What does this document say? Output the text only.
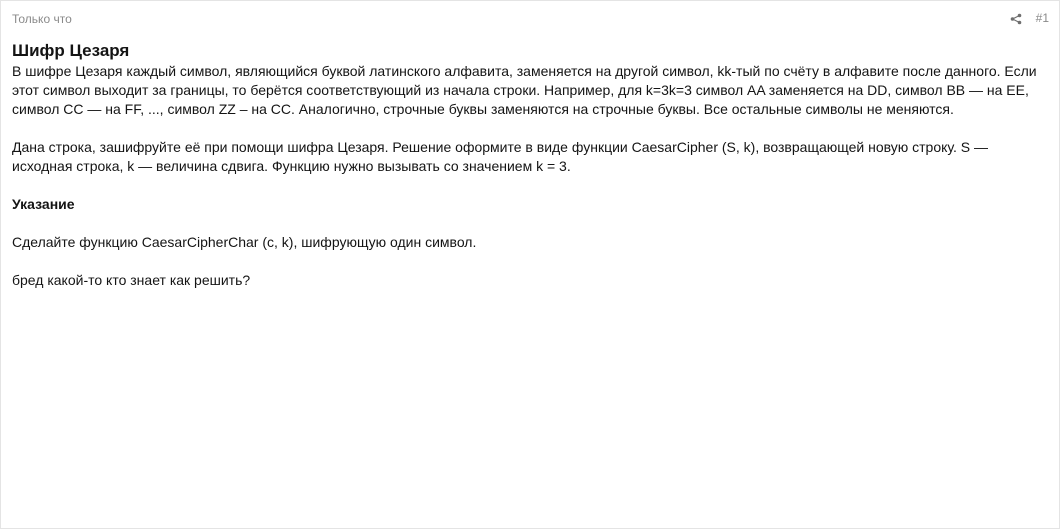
Только что	#1
Шифр Цезаря

В шифре Цезаря каждый символ, являющийся буквой латинского алфавита, заменяется на другой символ, kk-тый по счёту в алфавите после данного. Если этот символ выходит за границы, то берётся соответствующий из начала строки. Например, для k=3k=3 символ AA заменяется на DD, символ BB — на EE, символ CC — на FF, ..., символ ZZ – на CC. Аналогично, строчные буквы заменяются на строчные буквы. Все остальные символы не меняются.

Дана строка, зашифруйте её при помощи шифра Цезаря. Решение оформите в виде функции CaesarCipher (S, k), возвращающей новую строку. S — исходная строка, k — величина сдвига. Функцию нужно вызывать со значением k = 3.

Указание

Сделайте функцию CaesarCipherChar (c, k), шифрующую один символ.

бред какой-то кто знает как решить?
